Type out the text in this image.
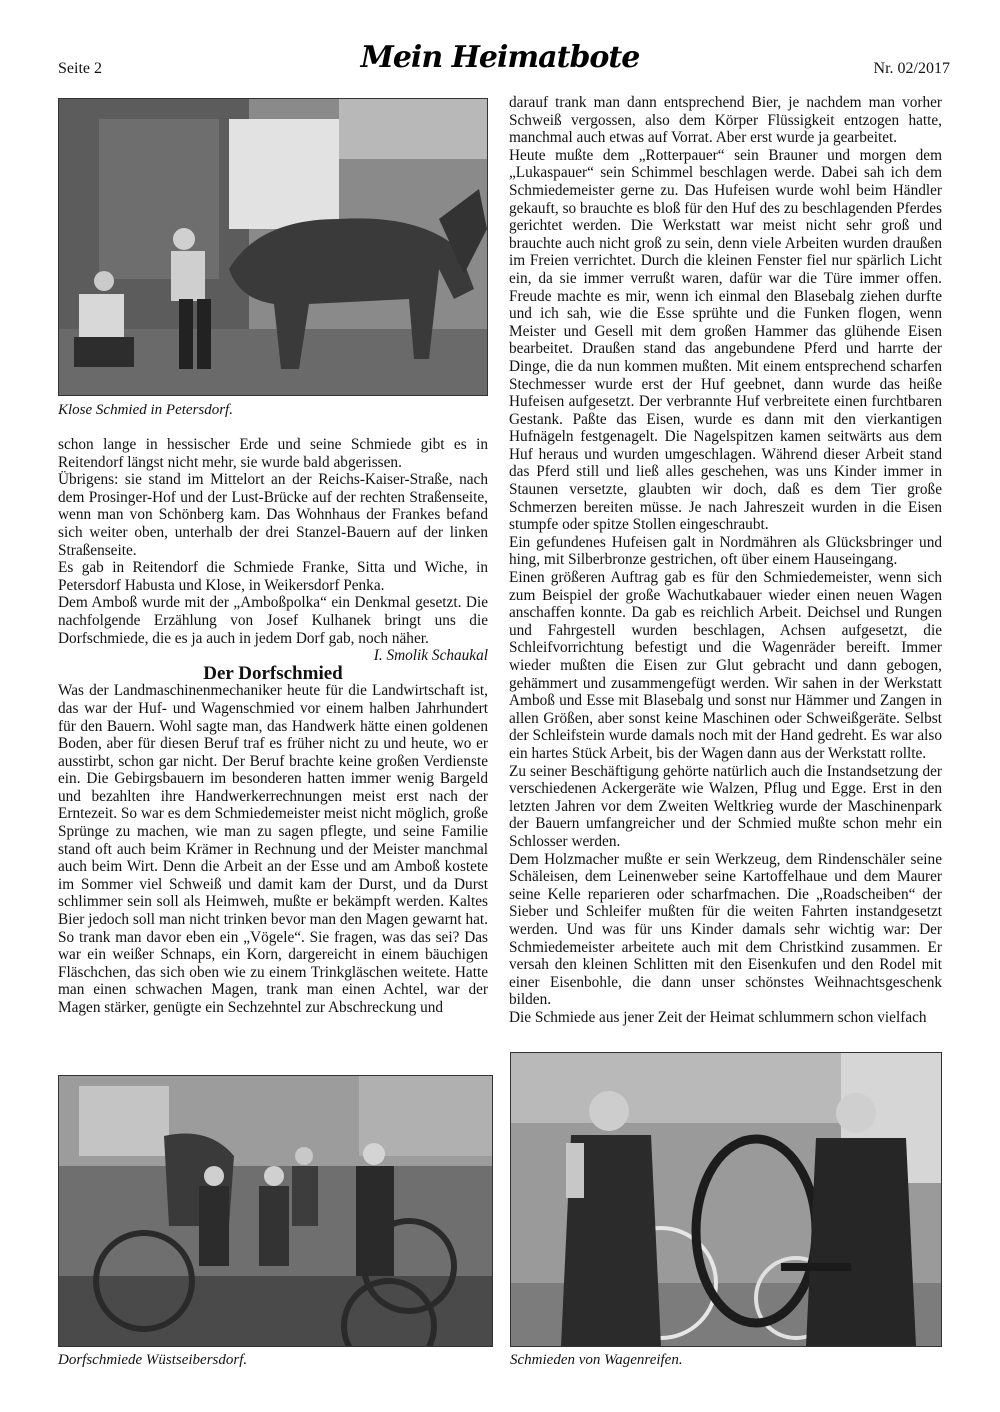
Seite 2	Mein Heimatbote	Nr. 02/2017
Klose Schmied in Petersdorf.

schon lange in hessischer Erde und seine Schmiede gibt es in Reitendorf längst nicht mehr, sie wurde bald abgerissen.

Übrigens: sie stand im Mittelort an der Reichs-Kaiser-Straße, nach dem Prosinger-Hof und der Lust-Brücke auf der rechten Straßenseite, wenn man von Schönberg kam. Das Wohnhaus der Frankes befand sich weiter oben, unterhalb der drei Stanzel-Bauern auf der linken Straßenseite.

Es gab in Reitendorf die Schmiede Franke, Sitta und Wiche, in Petersdorf Habusta und Klose, in Weikersdorf Penka.

Dem Amboß wurde mit der „Amboßpolka“ ein Denkmal gesetzt. Die nachfolgende Erzählung von Josef Kulhanek bringt uns die Dorfschmiede, die es ja auch in jedem Dorf gab, noch näher.

I. Smolik Schaukal

Der Dorfschmied

Was der Landmaschinenmechaniker heute für die Landwirtschaft ist, das war der Huf- und Wagenschmied vor einem halben Jahrhundert für den Bauern. Wohl sagte man, das Handwerk hätte einen goldenen Boden, aber für diesen Beruf traf es früher nicht zu und heute, wo er ausstirbt, schon gar nicht. Der Beruf brachte keine großen Verdienste ein. Die Gebirgsbauern im besonderen hatten immer wenig Bargeld und bezahlten ihre Handwerkerrechnungen meist erst nach der Erntezeit. So war es dem Schmiedemeister meist nicht möglich, große Sprünge zu machen, wie man zu sagen pflegte, und seine Familie stand oft auch beim Krämer in Rechnung und der Meister manchmal auch beim Wirt. Denn die Arbeit an der Esse und am Amboß kostete im Sommer viel Schweiß und damit kam der Durst, und da Durst schlimmer sein soll als Heimweh, mußte er bekämpft werden. Kaltes Bier jedoch soll man nicht trinken bevor man den Magen gewarnt hat. So trank man davor eben ein „Vögele“. Sie fragen, was das sei? Das war ein weißer Schnaps, ein Korn, dargereicht in einem bäuchigen Fläschchen, das sich oben wie zu einem Trinkgläschen weitete. Hatte man einen schwachen Magen, trank man einen Achtel, war der Magen stärker, genügte ein Sechzehntel zur Abschreckung und

darauf trank man dann entsprechend Bier, je nachdem man vorher Schweiß vergossen, also dem Körper Flüssigkeit entzogen hatte, manchmal auch etwas auf Vorrat. Aber erst wurde ja gearbeitet.

Heute mußte dem „Rotterpauer“ sein Brauner und morgen dem „Lukaspauer“ sein Schimmel beschlagen werde. Dabei sah ich dem Schmiedemeister gerne zu. Das Hufeisen wurde wohl beim Händler gekauft, so brauchte es bloß für den Huf des zu beschlagenden Pferdes gerichtet werden. Die Werkstatt war meist nicht sehr groß und brauchte auch nicht groß zu sein, denn viele Arbeiten wurden draußen im Freien verrichtet. Durch die kleinen Fenster fiel nur spärlich Licht ein, da sie immer verrußt waren, dafür war die Türe immer offen. Freude machte es mir, wenn ich einmal den Blasebalg ziehen durfte und ich sah, wie die Esse sprühte und die Funken flogen, wenn Meister und Gesell mit dem großen Hammer das glühende Eisen bearbeitet. Draußen stand das angebundene Pferd und harrte der Dinge, die da nun kommen mußten. Mit einem entsprechend scharfen Stechmesser wurde erst der Huf geebnet, dann wurde das heiße Hufeisen aufgesetzt. Der verbrannte Huf verbreitete einen furchtbaren Gestank. Paßte das Eisen, wurde es dann mit den vierkantigen Hufnägeln festgenagelt. Die Nagelspitzen kamen seitwärts aus dem Huf heraus und wurden umgeschlagen. Während dieser Arbeit stand das Pferd still und ließ alles geschehen, was uns Kinder immer in Staunen versetzte, glaubten wir doch, daß es dem Tier große Schmerzen bereiten müsse. Je nach Jahreszeit wurden in die Eisen stumpfe oder spitze Stollen eingeschraubt.

Ein gefundenes Hufeisen galt in Nordmähren als Glücksbringer und hing, mit Silberbronze gestrichen, oft über einem Hauseingang.

Einen größeren Auftrag gab es für den Schmiedemeister, wenn sich zum Beispiel der große Wachutkabauer wieder einen neuen Wagen anschaffen konnte. Da gab es reichlich Arbeit. Deichsel und Rungen und Fahrgestell wurden beschlagen, Achsen aufgesetzt, die Schleifvorrichtung befestigt und die Wagenräder bereift. Immer wieder mußten die Eisen zur Glut gebracht und dann gebogen, gehämmert und zusammengefügt werden. Wir sahen in der Werkstatt Amboß und Esse mit Blasebalg und sonst nur Hämmer und Zangen in allen Größen, aber sonst keine Maschinen oder Schweißgeräte. Selbst der Schleifstein wurde damals noch mit der Hand gedreht. Es war also ein hartes Stück Arbeit, bis der Wagen dann aus der Werkstatt rollte.

Zu seiner Beschäftigung gehörte natürlich auch die Instandsetzung der verschiedenen Ackergeräte wie Walzen, Pflug und Egge. Erst in den letzten Jahren vor dem Zweiten Weltkrieg wurde der Maschinenpark der Bauern umfangreicher und der Schmied mußte schon mehr ein Schlosser werden.

Dem Holzmacher mußte er sein Werkzeug, dem Rindenschäler seine Schäleisen, dem Leinenweber seine Kartoffelhaue und dem Maurer seine Kelle reparieren oder scharfmachen. Die „Roadscheiben“ der Sieber und Schleifer mußten für die weiten Fahrten instandgesetzt werden. Und was für uns Kinder damals sehr wichtig war: Der Schmiedemeister arbeitete auch mit dem Christkind zusammen. Er versah den kleinen Schlitten mit den Eisenkufen und den Rodel mit einer Eisenbohle, die dann unser schönstes Weihnachtsgeschenk bilden.

Die Schmiede aus jener Zeit der Heimat schlummern schon vielfach

Dorfschmiede Wüstseibersdorf.	Schmieden von Wagenreifen.
